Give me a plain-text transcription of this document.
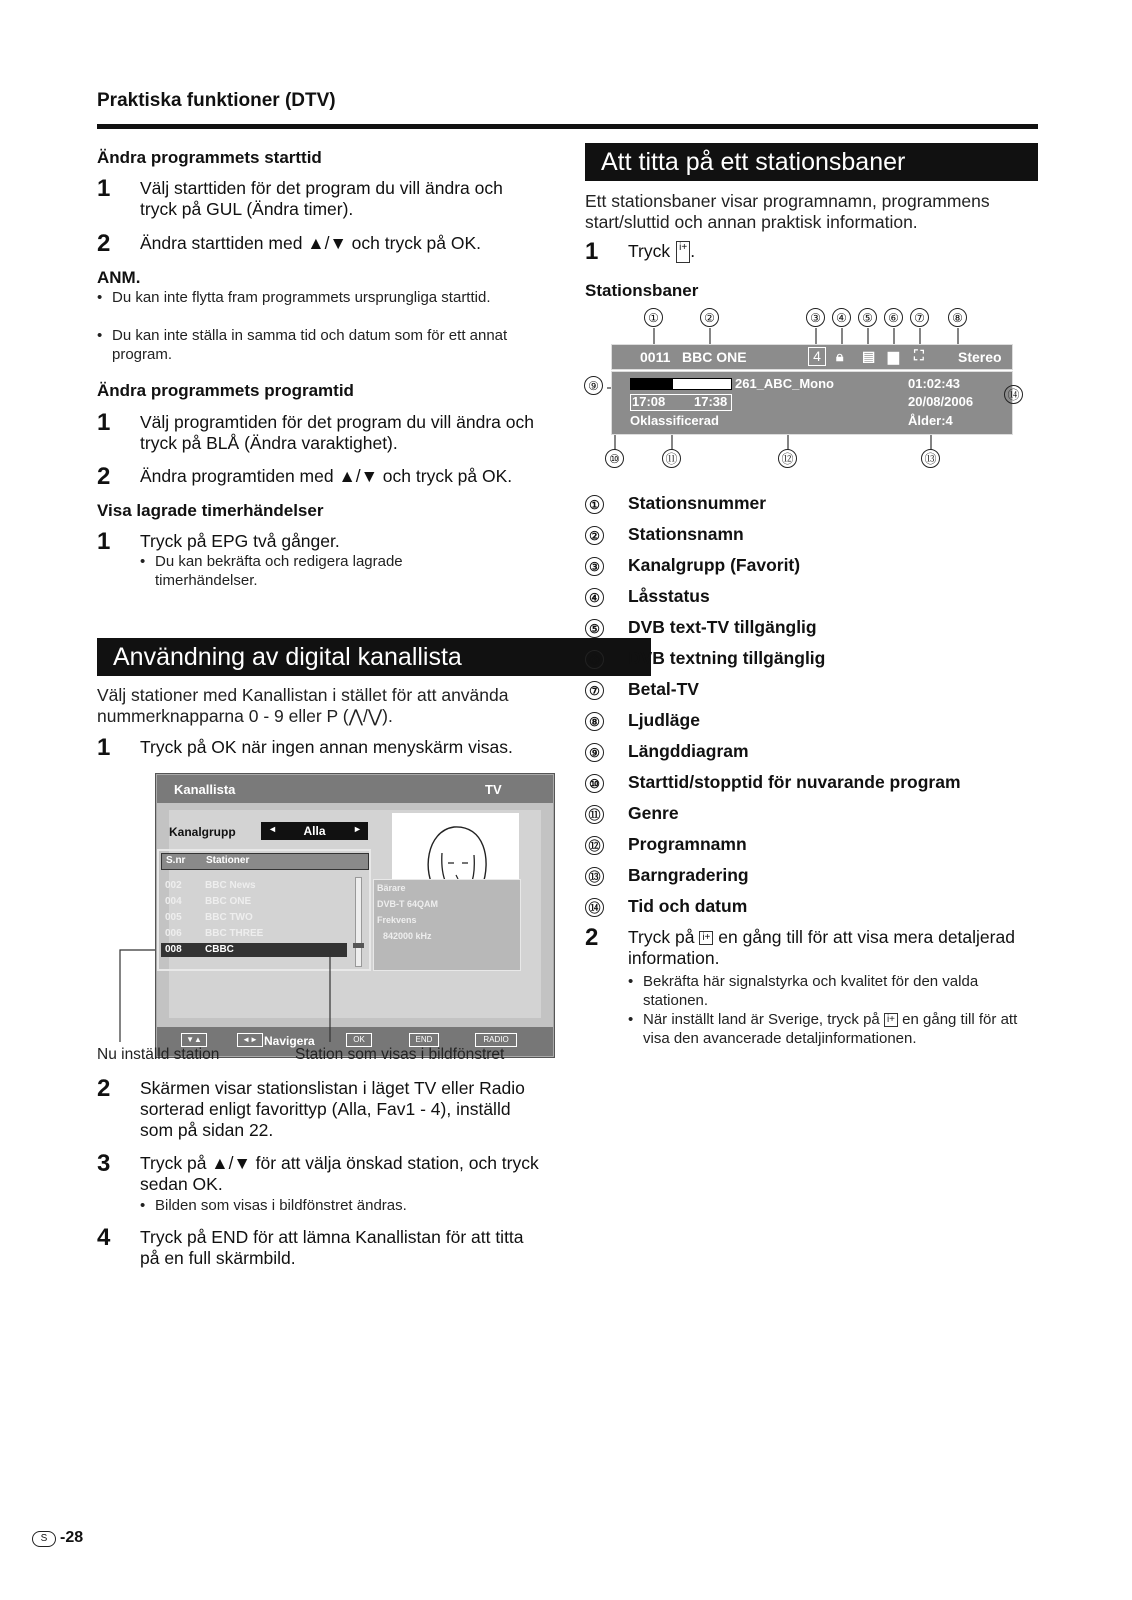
Praktiska funktioner (DTV)
Ändra programmets starttid
1	Välj starttiden för det program du vill ändra och tryck på GUL (Ändra timer).
2	Ändra starttiden med ▲/▼ och tryck på OK.
ANM.
• Du kan inte flytta fram programmets ursprungliga starttid.
• Du kan inte ställa in samma tid och datum som för ett annat program.
Ändra programmets programtid
1	Välj programtiden för det program du vill ändra och tryck på BLÅ (Ändra varaktighet).
2	Ändra programtiden med ▲/▼ och tryck på OK.
Visa lagrade timerhändelser
1	Tryck på EPG två gånger.
• Du kan bekräfta och redigera lagrade timerhändelser.
Användning av digital kanallista
Välj stationer med Kanallistan i stället för att använda nummerknapparna 0 - 9 eller P (⋀/⋁).
1	Tryck på OK när ingen annan menyskärm visas.
Kanallista	TV
Kanalgrupp	◄	Alla	►
S.nr Stationer
002 BBC News
004 BBC ONE
005 BBC TWO
006 BBC THREE
008 CBBC
Bärare
DVB-T 64QAM
Frekvens
842000 kHz
▼▲	◄► Navigera	OK	END	RADIO
Nu inställd station	Station som visas i bildfönstret
2	Skärmen visar stationslistan i läget TV eller Radio sorterad enligt favorittyp (Alla, Fav1 - 4), inställd som på sidan 22.
3	Tryck på ▲/▼ för att välja önskad station, och tryck sedan OK.
• Bilden som visas i bildfönstret ändras.
4	Tryck på END för att lämna Kanallistan för att titta på en full skärmbild.
Att titta på ett stationsbaner
Ett stationsbaner visar programnamn, programmens start/sluttid och annan praktisk information.
1	Tryck i+ .
Stationsbaner
①	②	③	④	⑤	⑥	⑦	⑧
0011 BBC ONE	4	🔒︎ ▤ ▆ ⛶ Stereo
261_ABC_Mono	01:02:43
17:08 17:38	20/08/2006
Oklassificerad	Ålder:4
⑨
⑩	⑪	⑫	⑬
⑭
①	Stationsnummer
②	Stationsnamn
③	Kanalgrupp (Favorit)
④	Låsstatus
⑤	DVB text-TV tillgänglig
⑥	DVB textning tillgänglig
⑦	Betal-TV
⑧	Ljudläge
⑨	Längddiagram
⑩	Starttid/stopptid för nuvarande program
⑪	Genre
⑫	Programnamn
⑬	Barngradering
⑭	Tid och datum
2	Tryck på i+ en gång till för att visa mera detaljerad information.
• Bekräfta här signalstyrka och kvalitet för den valda stationen.
• När inställt land är Sverige, tryck på i+ en gång till för att visa den avancerade detaljinformationen.
S -28
